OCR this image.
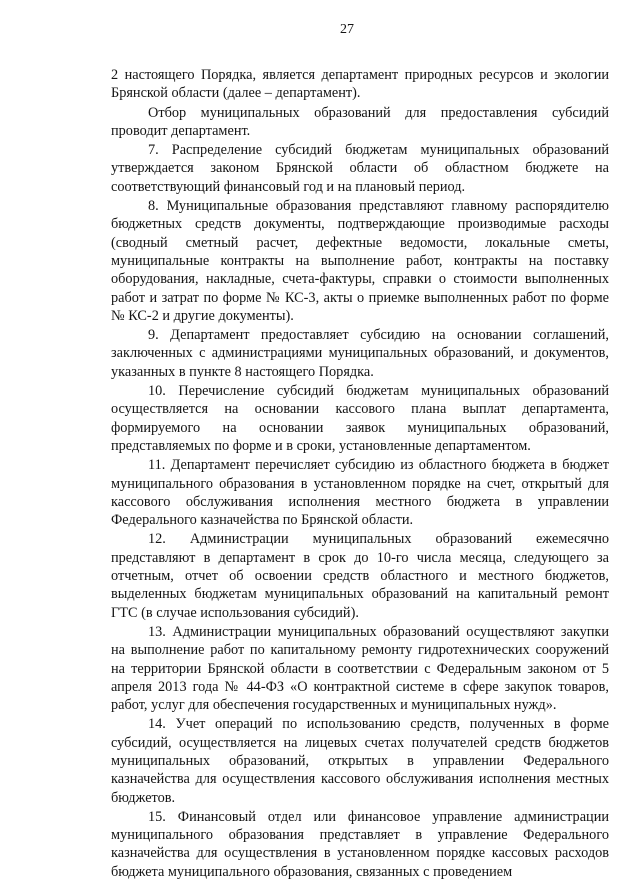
27

2 настоящего Порядка, является департамент природных ресурсов и экологии Брянской области (далее – департамент).

Отбор муниципальных образований для предоставления субсидий проводит департамент.

7. Распределение субсидий бюджетам муниципальных образований утверждается законом Брянской области об областном бюджете на соответствующий финансовый год и на плановый период.

8. Муниципальные образования представляют главному распорядителю бюджетных средств документы, подтверждающие производимые расходы (сводный сметный расчет, дефектные ведомости, локальные сметы, муниципальные контракты на выполнение работ, контракты на поставку оборудования, накладные, счета-фактуры, справки о стоимости выполненных работ и затрат по форме № КС-3, акты о приемке выполненных работ по форме № КС-2 и другие документы).

9. Департамент предоставляет субсидию на основании соглашений, заключенных с администрациями муниципальных образований, и документов, указанных в пункте 8 настоящего Порядка.

10. Перечисление субсидий бюджетам муниципальных образований осуществляется на основании кассового плана выплат департамента, формируемого на основании заявок муниципальных образований, представляемых по форме и в сроки, установленные департаментом.

11. Департамент перечисляет субсидию из областного бюджета в бюджет муниципального образования в установленном порядке на счет, открытый для кассового обслуживания исполнения местного бюджета в управлении Федерального казначейства по Брянской области.

12. Администрации муниципальных образований ежемесячно представляют в департамент в срок до 10-го числа месяца, следующего за отчетным, отчет об освоении средств областного и местного бюджетов, выделенных бюджетам муниципальных образований на капитальный ремонт ГТС (в случае использования субсидий).

13. Администрации муниципальных образований осуществляют закупки на выполнение работ по капитальному ремонту гидротехнических сооружений на территории Брянской области в соответствии с Федеральным законом от 5 апреля 2013 года № 44-ФЗ «О контрактной системе в сфере закупок товаров, работ, услуг для обеспечения государственных и муниципальных нужд».

14. Учет операций по использованию средств, полученных в форме субсидий, осуществляется на лицевых счетах получателей средств бюджетов муниципальных образований, открытых в управлении Федерального казначейства для осуществления кассового обслуживания исполнения местных бюджетов.

15. Финансовый отдел или финансовое управление администрации муниципального образования представляет в управление Федерального казначейства для осуществления в установленном порядке кассовых расходов бюджета муниципального образования, связанных с проведением
